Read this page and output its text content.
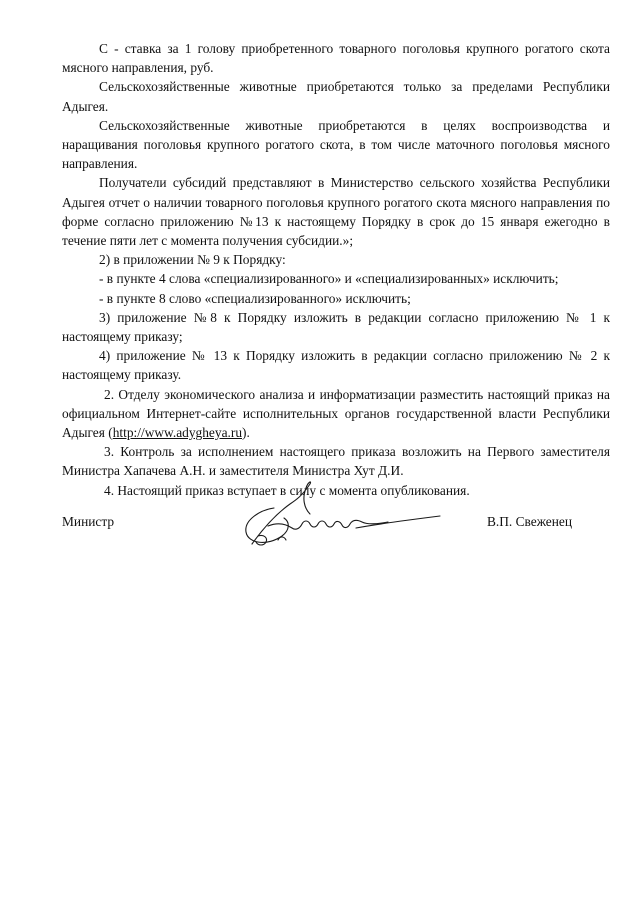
С - ставка за 1 голову приобретенного товарного поголовья крупного рогатого скота мясного направления, руб.

Сельскохозяйственные животные приобретаются только за пределами Республики Адыгея.

Сельскохозяйственные животные приобретаются в целях воспроизводства и наращивания поголовья крупного рогатого скота, в том числе маточного поголовья мясного направления.

Получатели субсидий представляют в Министерство сельского хозяйства Республики Адыгея отчет о наличии товарного поголовья крупного рогатого скота мясного направления по форме согласно приложению №13 к настоящему Порядку в срок до 15 января ежегодно в течение пяти лет с момента получения субсидии.»;

2) в приложении № 9 к Порядку:

- в пункте 4 слова «специализированного» и «специализированных» исключить;

- в пункте 8 слово «специализированного» исключить;

3) приложение №8 к Порядку изложить в редакции согласно приложению № 1 к настоящему приказу;

4) приложение № 13 к Порядку изложить в редакции согласно приложению № 2 к настоящему приказу.

2. Отделу экономического анализа и информатизации разместить настоящий приказ на официальном Интернет-сайте исполнительных органов государственной власти Республики Адыгея (http://www.adygheya.ru).

3. Контроль за исполнением настоящего приказа возложить на Первого заместителя Министра Хапачева А.Н. и заместителя Министра Хут Д.И.

4. Настоящий приказ вступает в силу с момента опубликования.

Министр	В.П. Свеженец
